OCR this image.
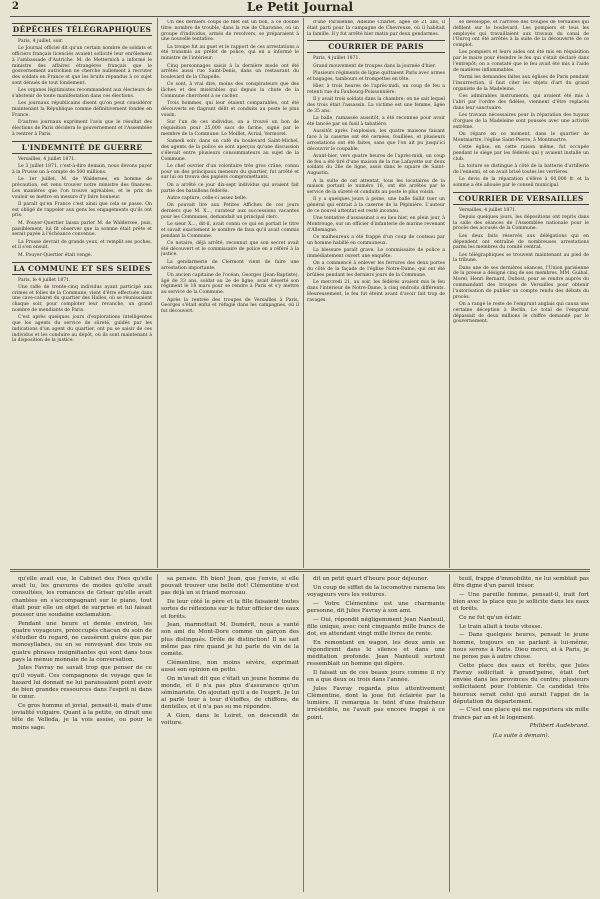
2	Le Petit Journal
DÉPÊCHES TÉLÉGRAPHIQUES

Paris, 4 juillet, soir.

Le Journal officiel dit qu'un certain nombre de soldats et officiers français licenciés avaient sollicité leur enrôlement à l'ambassade d'Autriche. M. de Metternich a informé le ministre des affaires étrangères français que le gouvernement autrichien ne cherche nullement à recruter des soldats en France et que les bruits répandus à ce sujet sont dénués de tout fondement.

Les organes légitimistes recommandent aux électeurs de s'abstenir de toute manifestation dans ces élections.

Les journaux républicains disent qu'on peut considérer maintenant la République comme définitivement fondée en France.

D'autres journaux expriment l'avis que le résultat des élections de Paris décidera le gouvernement et l'Assemblée à rentrer à Paris.

L'INDEMNITÉ DE GUERRE

Versailles, 4 juillet 1871.

Le 3 juillet 1871, c'est-à-dire demain, nous devons payer à la Prusse un à-compte de 500 millions.

Le 1er juillet, M. de Waldersee, en homme de précaution, est venu trouver notre ministre des finances. Les manières que l'on trouve agréables, et le prix de vouloir se mettre en mesure d'y faire honneur.

Il paraît qu'en France c'est ainsi que cela se passe. On est obligé de rappeler aux gens les engagements qu'ils ont pris.

M. Pouyer-Quertier laissa parler M. de Waldersee, puis, paisiblement, lui fit observer que la somme était prête et serait payée à l'échéance convenue.

La Prusse devrait de grands yeux, et remplit ses poches, et il s'en ensuit.

M. Pouyer-Quertier était vengé.

LA COMMUNE ET SES SEIDES

Paris, le 4 juillet 1871.

Une rafle de trente-cinq individus ayant participé aux crimes et folies de la Commune, vient d'être effectuée dans une cave-cabaret du quartier des Halles, où se réunissaient chaque soir, pour comploter leur revanche, un grand nombre de mendiants de Paris.

C'est après quelques jours d'explorations intelligentes que les agents du service de sûreté, guidés par les indications d'un agent du quartier, ont pu se saisir de ces individus et les conduire au dépôt, où ils sont maintenant à la disposition de la justice.

Un des derniers coups de filet est un bon, à ce double titre: nombre de trouble, dans la rue de Charonne, où un groupe d'individus, armés de revolvers, se préparaient à une nouvelle tentative.

La troupe fut au guet et le rapport de ces arrestations a été transmis au préfet de police, qui en a informé le ministre de l'intérieur.

Cinq personnages saisis à la dernière mode ont été arrêtés aussi rue Saint-Denis, dans un restaurant du boulevard de la Chapelle.

Ce sont, à vrai dire, moins des conspirateurs que des lâches et des misérables qui depuis la chute de la Commune cherchent à se cacher.

Trois hommes, qui leur étaient comparables, ont été découverts en flagrant délit et conduits au poste le plus voisin.

Sur l'un de ces individus, on a trouvé un bon de réquisition pour 25,000 sacs de farine, signé par le membre de la Commune: Le Moillet, Avrial, Vermorel.

Samedi soir, dans un café du boulevard Saint-Michel, des agents de la police se sont aperçus qu'une discussion s'élevait entre plusieurs consommateurs au sujet de la Commune.

Le chef ouvrier d'un volontaire très gros crâne, connu pour un des principaux meneurs du quartier, fut arrêté et sur lui on trouva des papiers compromettants.

On a arrêté ce jour dix-sept individus qui avaient fait partie des bataillons fédérés.

Autre capture, celle-ci assez belle.

On pouvait lire aux Petites Affiches de ces jours derniers que M. X..., curateur aux successions vacantes pour les Communes, demandait un principal clerc.

Le sieur X..., dit-il, avait connu ce qui en portait le titre et savait exactement le nombre de faux qu'il avait commis pendant la Commune.

Ce notaire, déjà arrêté, reconnut que son secret avait été découvert et le commissaire de police en a référé à la justice.

La gendarmerie de Clermont vient de faire une arrestation importante.

Un ancien capitaine de l'océan, Georges (Jean-Baptiste), âgé de 33 ans, soldat au 2e de ligne, avait déserté son régiment le 18 mars pour se rendre à Paris et s'y mettre au service de la Commune.

Après la rentrée des troupes de Versailles à Paris, Georges s'était enfui et réfugié dans les campagnes, où il fut découvert.

d'une Parisienne, Adeline Charlet, âgée de 21 ans, il était parti pour la campagne de Chevreuse, où il habitait la famille. Il y fut arrêté hier matin par deux gendarmes.

COURRIER DE PARIS

Paris, 4 juillet 1871.

Grand mouvement de troupes dans la journée d'hier.

Plusieurs régiments de ligne quittaient Paris avec armes et bagages, tambours et trompettes en tête.

Hier, à trois heures de l'après-midi, un coup de feu a retenti rue du Faubourg-Poissonnière.

Il y avait trois soldats dans la chambre; on ne sait lequel des trois était l'assassin. La victime est une femme, âgée de 35 ans.

La balle, ramassée aussitôt, a été reconnue pour avoir été lancée par un fusil à tabatière.

Aussitôt après l'explosion, les quatre maisons faisant face à la caserne ont été cernées, fouillées, et plusieurs arrestations ont été faites, sans que l'on ait pu jusqu'ici découvrir le coupable.

Avant-hier, vers quatre heures de l'après-midi, un coup de feu a été tiré d'une maison de la rue Lafayette sur deux soldats du 26e de ligne, assis dans le square de Saint-Augustin.

A la suite de cet attentat, tous les locataires de la maison portant le numéro 16, ont été arrêtés par le service de la sûreté et conduits au poste le plus voisin.

Il y a quelques jours à peine, une balle faillit tuer un général qui entrait à la caserne de la Pépinière. L'auteur de ce nouvel attentat est resté inconnu.

Une tentative d'assassinat a eu lieu hier, en plein jour, à Montrouge, sur un officier d'infanterie de marine revenant d'Allemagne.

Ce malheureux a été frappé d'un coup de couteau par un homme habillé en communeux.

La blessure paraît grave. Le commissaire de police a immédiatement ouvert une enquête.

On a commencé à enlever les ferrures des deux portes du côté de la façade de l'église Notre-Dame, qui ont été brûlées pendant les derniers jours de la Commune.

Le mercredi 21, au soir, les fédérés avaient mis le feu dans l'intérieur de Notre-Dame, à cinq endroits différents. Heureusement, le feu fut éteint avant d'avoir fait trop de ravages.

se développe, et l'arrivée des troupes de Versailles qui défilent sur le boulevard. Les pompiers et tous les employés qui travaillaient aux travaux du canal de l'Ourcq ont été arrêtés à la suite de la découverte de ce complot.

Les pompiers et leurs aides ont été mis en réquisition par le maire pour éteindre le feu qui s'était déclaré dans l'entrepôt; on a constaté que le feu avait été mis à l'aide de matières inflammables.

Parmi les demandes faites aux églises de Paris pendant l'insurrection, il faut citer les objets d'art du grand organiste de la Madeleine.

Ces admirables instruments, qui avaient été mis à l'abri par l'ordre des fidèles, viennent d'être replacés dans leur sanctuaire.

Les travaux nécessaires pour la réparation des tuyaux d'orgues de la Madeleine sont poussés avec une activité extrême.

On répare en ce moment, dans le quartier de Montmartre, l'église Saint-Pierre, à Montmartre.

Cette église, en cette raison même, fut occupée pendant le siège par les fédérés qui y avaient installé un club.

La toiture se distingue à côté de la batterie d'artillerie de l'ennemi, et on avait brisé toutes les verrières.

Le devis de la réparation s'élève à 60,000 fr. et la somme a été allouée par le conseil municipal.

COURRIER DE VERSAILLES

Versailles, 4 juillet 1871.

Depuis quelques jours, les dépositions ont repris dans la salle des séances de l'Assemblée nationale pour le procès des accusés de la Commune.

Les deux faits réservés aux délégations qui en dépendent ont entraîné de nombreuses arrestations parmi les membres du comité central.

Les télégraphiques se trouvent maintenant au pied de la tribune.

Dans une de ses dernières séances, l'Union parisienne de la presse a désigné cinq de ses membres, MM. Guibal, Morel, Henri Bernard, Dubost, pour se rendre auprès du commandant des troupes de Versailles pour obtenir l'autorisation de publier un compte rendu des débats du procès.

On a rangé le reste de l'emprunt anglais qui causa une certaine déception à Berlin. Le total de l'emprunt dépassait de deux millions le chiffre demandé par le gouvernement.

qu'elle avait vue, le Cabinet des Fées qu'elle avait lu, les gravures de modes qu'elle avait consultées, les romances de Grisar qu'elle avait chantées en s'accompagnant sur le piano, tout était pour elle un objet de surprise et lui faisait pousser une soudaine exclamation.

Pendant une heure et demie environ, les quatre voyageurs, préoccupés chacun du soin de s'étudier du regard, ne causèrent guère que par monosyllabes, ou en se renvoyant des trois ou quatre phrases insignifiantes qui sont dans tous pays la menue monnaie de la conversation.

Jules Favray ne savait trop que penser de ce qu'il voyait. Ces compagnons de voyage que le hasard lui donnait ne lui paraissaient point avoir de bien grandes ressources dans l'esprit ni dans le cœur.

Ce gros homme et jovial, pensait-il, mais d'une jovialité vulgaire. Quant à la petite, on dirait une tête de Velleda, je la vois assise, ou pour le moins sage.

sa pensée. Eh bien! Jean, que j'envie, si elle pouvait trouver une belle dot! Clémentine n'est pas déjà un si friand morceau.

De leur côté le père et la fille faisaient toutes sortes de réflexions sur le futur officier des eaux et forêts.

Jean, marmottait M. Dumérit, nous a vanté son ami du Mont-Dore comme un garçon des plus distingués. Drôle de distinction! Il ne sait même pas rire quand je lui parle du vin de la comète.

Clémentine, non moins sévère, exprimait aussi son opinion en petto.

On m'avait dit que c'était un jeune homme du monde, et il n'a pas plus d'assurance qu'un séminariste. On ajoutait qu'il a de l'esprit. Je lui ai parlé tour à tour d'étoffes, de chiffons, de dentelles, et il n'a pas su me répondre.

A Gien, dans le Loiret, on descendit de voiture.

dit un petit quart d'heure pour déjeuner.

Un coup de sifflet de la locomotive ramena les voyageurs vers les voitures.

— Votre Clémentine est une charmante personne, dit Jules Favray à son ami.

— Oui, répondit négligemment Jean Nanteuil, fille unique, avec cent cinquante mille francs de dot, en attendant vingt mille livres de rente.

En remontant en wagon, les deux amis se répondirent dans le silence et dans une méditation profonde. Jean Nanteuil surtout ressemblait un homme qui digère.

Il faisait un de ces beaux jours comme il n'y en a que deux ou trois dans l'année.

Jules Favray regarda plus attentivement Clémentine, dont la joue fut éclairée par la lumière. Il remarqua le teint d'une fraîcheur irrésistible, ne l'avait pas encore frappé à ce point.

teuil, frappé d'immobilité, ne lui semblait pas être digne d'un pareil trésor.

— Une pareille femme, pensait-il, irait fort bien avec la place que je sollicite dans les eaux et forêts.

Ce ne fut qu'un éclair.

Le train allait à toute vitesse.

— Dans quelques heures, pensait le jeune homme, toujours en se parlant à lui-même, nous serons à Paris. Dieu merci, et à Paris, je ne pense pas à autre chose.

Cette place des eaux et forêts, que Jules Favray sollicitait à grand'peine, était fort enviée dans les provinces du centre; plusieurs sollicitaient pour l'obtenir. Ce candidat très heureux serait celui qui aurait l'appui de la députation du département.

— C'est une place qui me rapportera six mille francs par an et le logement.

Philibert Audebrand.
(La suite à demain).
